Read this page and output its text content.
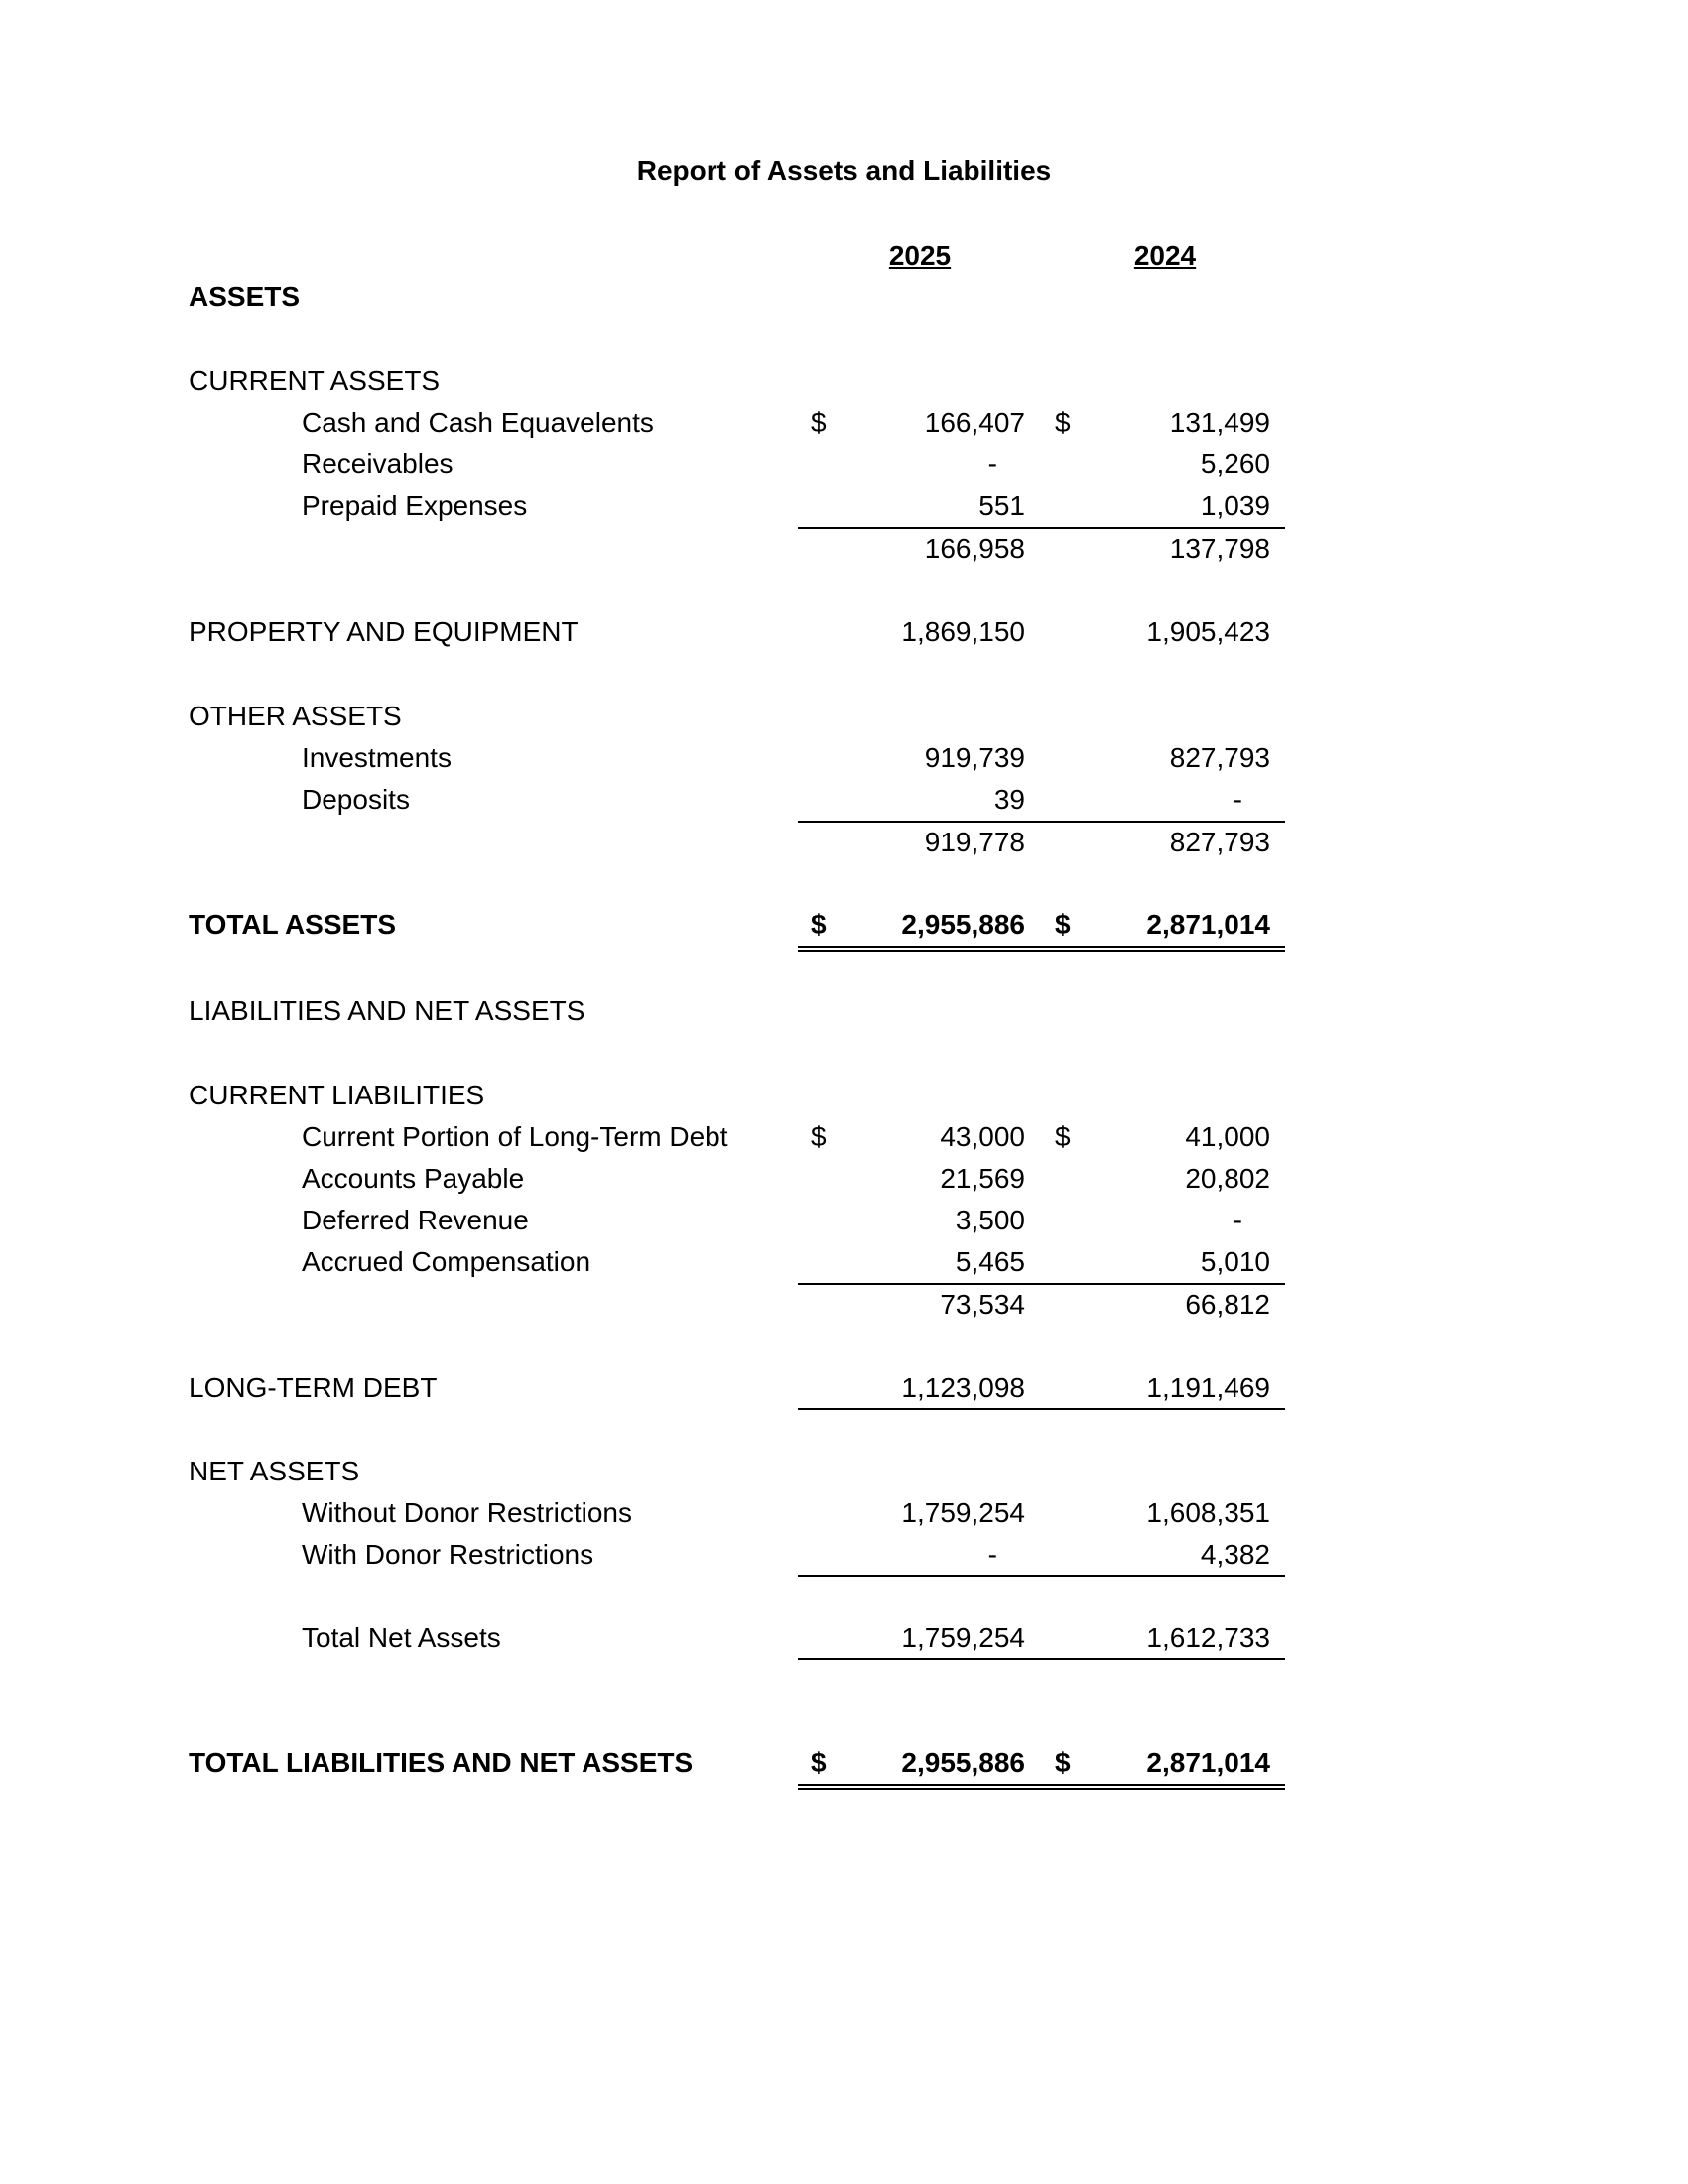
Report of Assets and Liabilities
2025	2024
ASSETS
CURRENT ASSETS
Cash and Cash Equavelents	$	166,407 $	131,499
Receivables	-	5,260
Prepaid Expenses	551	1,039
166,958	137,798
PROPERTY AND EQUIPMENT	1,869,150	1,905,423
OTHER ASSETS
Investments	919,739	827,793
Deposits	39	-
919,778	827,793
TOTAL ASSETS	$	2,955,886 $	2,871,014
LIABILITIES AND NET ASSETS
CURRENT LIABILITIES
Current Portion of Long-Term Debt	$	43,000 $	41,000
Accounts Payable	21,569	20,802
Deferred Revenue	3,500	-
Accrued Compensation	5,465	5,010
73,534	66,812
LONG-TERM DEBT	1,123,098	1,191,469
NET ASSETS
Without Donor Restrictions	1,759,254	1,608,351
With Donor Restrictions	-	4,382
Total Net Assets	1,759,254	1,612,733
TOTAL LIABILITIES AND NET ASSETS	$	2,955,886 $	2,871,014
